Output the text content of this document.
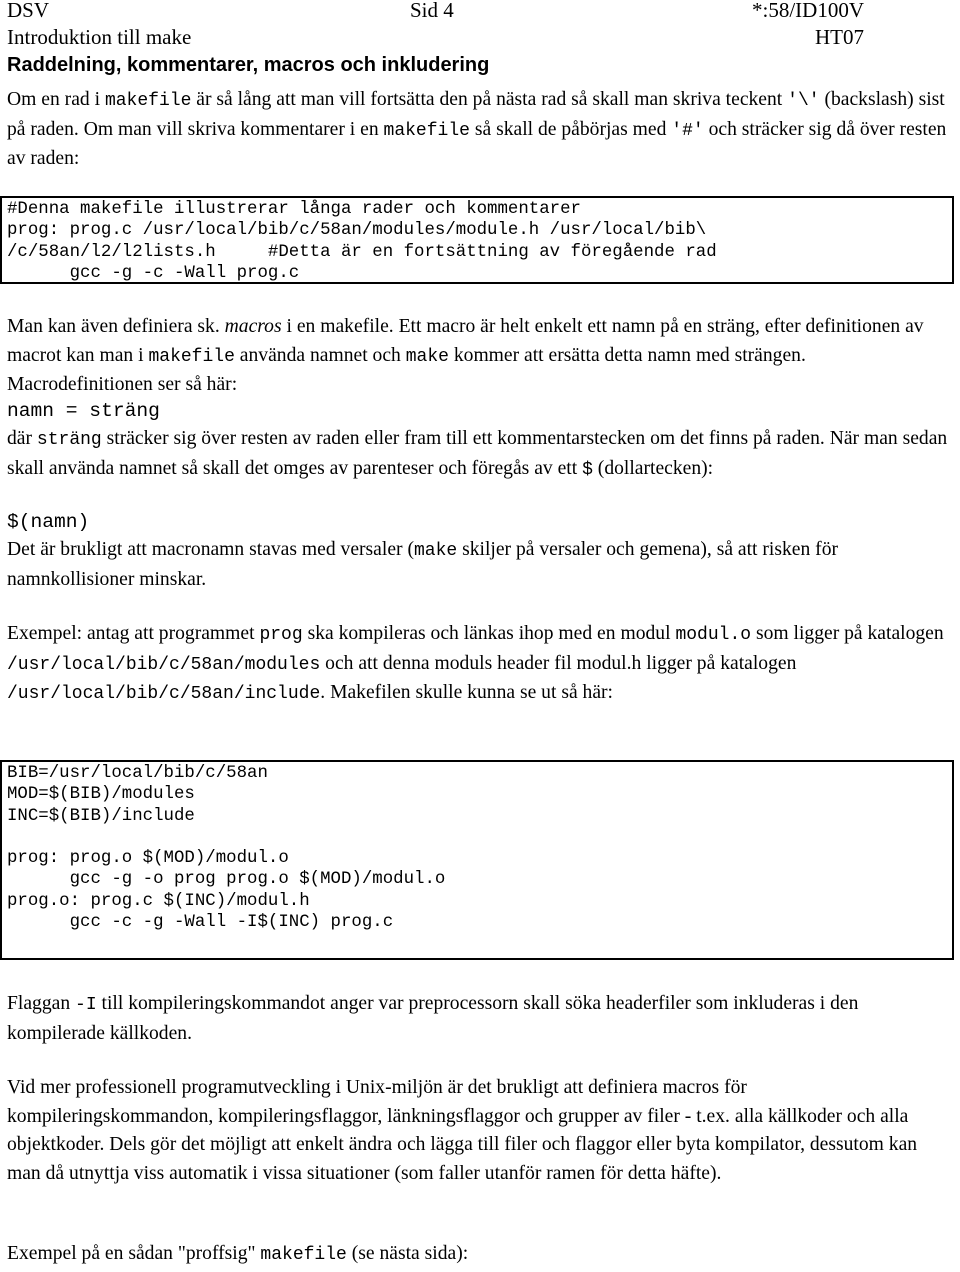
DSV	Sid 4	*:58/ID100V
Introduktion till make	HT07
Raddelning, kommentarer, macros och inkludering

Om en rad i makefile är så lång att man vill fortsätta den på nästa rad så skall man skriva teckent '\' (backslash) sist på raden. Om man vill skriva kommentarer i en makefile så skall de påbörjas med '#' och sträcker sig då över resten av raden:

#Denna makefile illustrerar långa rader och kommentarer
prog: prog.c /usr/local/bib/c/58an/modules/module.h /usr/local/bib\
/c/58an/l2/l2lists.h     #Detta är en fortsättning av föregående rad
gcc -g -c -Wall prog.c

Man kan även definiera sk. macros i en makefile. Ett macro är helt enkelt ett namn på en sträng, efter definitionen av macrot kan man i makefile använda namnet och make kommer att ersätta detta namn med strängen. Macrodefinitionen ser så här:

namn = sträng

där sträng sträcker sig över resten av raden eller fram till ett kommentarstecken om det finns på raden. När man sedan skall använda namnet så skall det omges av parenteser och föregås av ett $ (dollartecken):

$(namn)

Det är brukligt att macronamn stavas med versaler (make skiljer på versaler och gemena), så att risken för namnkollisioner minskar.

Exempel: antag att programmet prog ska kompileras och länkas ihop med en modul modul.o som ligger på katalogen /usr/local/bib/c/58an/modules och att denna moduls header fil modul.h ligger på katalogen /usr/local/bib/c/58an/include. Makefilen skulle kunna se ut så här:

BIB=/usr/local/bib/c/58an
MOD=$(BIB)/modules
INC=$(BIB)/include

prog: prog.o $(MOD)/modul.o
gcc -g -o prog prog.o $(MOD)/modul.o
prog.o: prog.c $(INC)/modul.h
gcc -c -g -Wall -I$(INC) prog.c

Flaggan -I till kompileringskommandot anger var preprocessorn skall söka headerfiler som inkluderas i den kompilerade källkoden.

Vid mer professionell programutveckling i Unix-miljön är det brukligt att definiera macros för kompileringskommandon, kompileringsflaggor, länkningsflaggor och grupper av filer - t.ex. alla källkoder och alla objektkoder. Dels gör det möjligt att enkelt ändra och lägga till filer och flaggor eller byta kompilator, dessutom kan man då utnyttja viss automatik i vissa situationer (som faller utanför ramen för detta häfte).

Exempel på en sådan "proffsig" makefile (se nästa sida):
